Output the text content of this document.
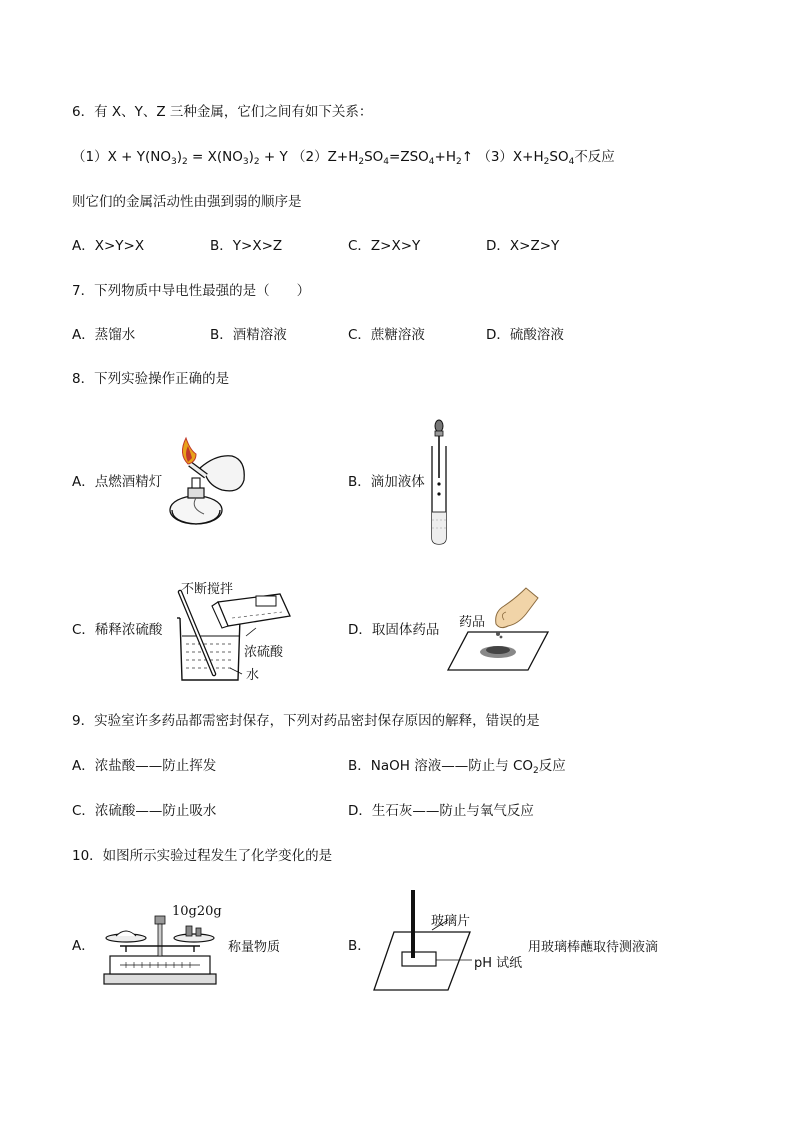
6．有 X、Y、Z 三种金属，它们之间有如下关系：
$(1)X + Y(NO_3)_2 = X(NO_3)_2 + Y$ $(2)Z+H_2SO_4=ZSO_4+H_2↑$ $(3)X+H_2SO_4$不反应
则它们的金属活动性由强到弱的顺序是
A．X>Y>X	B．Y>X>Z	C．Z>X>Y	D．X>Z>Y
7．下列物质中导电性最强的是（　　）
A．蒸馏水	B．酒精溶液	C．蔗糖溶液	D．硫酸溶液
8．下列实验操作正确的是
A．点燃酒精灯	B．滴加液体
C．稀释浓硫酸	D．取固体药品
不断搅拌
浓硫酸
水
药品
9．实验室许多药品都需密封保存，下列对药品密封保存原因的解释，错误的是
A．浓盐酸——防止挥发	B．NaOH 溶液——防止与 $CO_2$反应
C．浓硫酸——防止吸水	D．生石灰——防止与氧气反应
10．如图所示实验过程发生了化学变化的是
A．	B．
10g20g
称量物质
玻璃片
pH 试纸
用玻璃棒蘸取待测液滴
